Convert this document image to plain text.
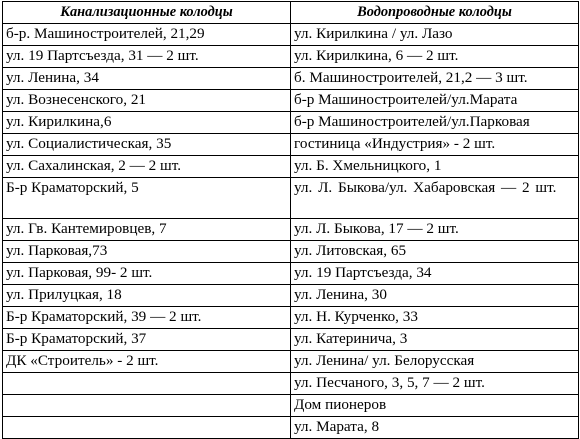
Канализационные колодцы	Водопроводные колодцы
б-р. Машиностроителей, 21,29	ул. Кирилкина / ул. Лазо
ул. 19 Партсъезда, 31 — 2 шт.	ул. Кирилкина, 6 — 2 шт.
ул. Ленина, 34	б. Машиностроителей, 21,2 — 3 шт.
ул. Вознесенского, 21	б-р Машиностроителей/ул.Марата
ул. Кирилкина,6	б-р Машиностроителей/ул.Парковая
ул. Социалистическая, 35	гостиница «Индустрия» - 2 шт.
ул. Сахалинская, 2 — 2 шт.	ул. Б. Хмельницкого, 1
Б-р Краматорский, 5	ул. Л. Быкова/ул. Хабаровская — 2 шт.
ул. Гв. Кантемировцев, 7	ул. Л. Быкова, 17 — 2 шт.
ул. Парковая,73	ул. Литовская, 65
ул. Парковая, 99- 2 шт.	ул. 19 Партсъезда, 34
ул. Прилуцкая, 18	ул. Ленина, 30
Б-р Краматорский, 39 — 2 шт.	ул. Н. Курченко, 33
Б-р Краматорский, 37	ул. Катеринича, 3
ДК «Строитель» - 2 шт.	ул. Ленина/ ул. Белорусская
	ул. Песчаного, 3, 5, 7 — 2 шт.
	Дом пионеров
	ул. Марата, 8
